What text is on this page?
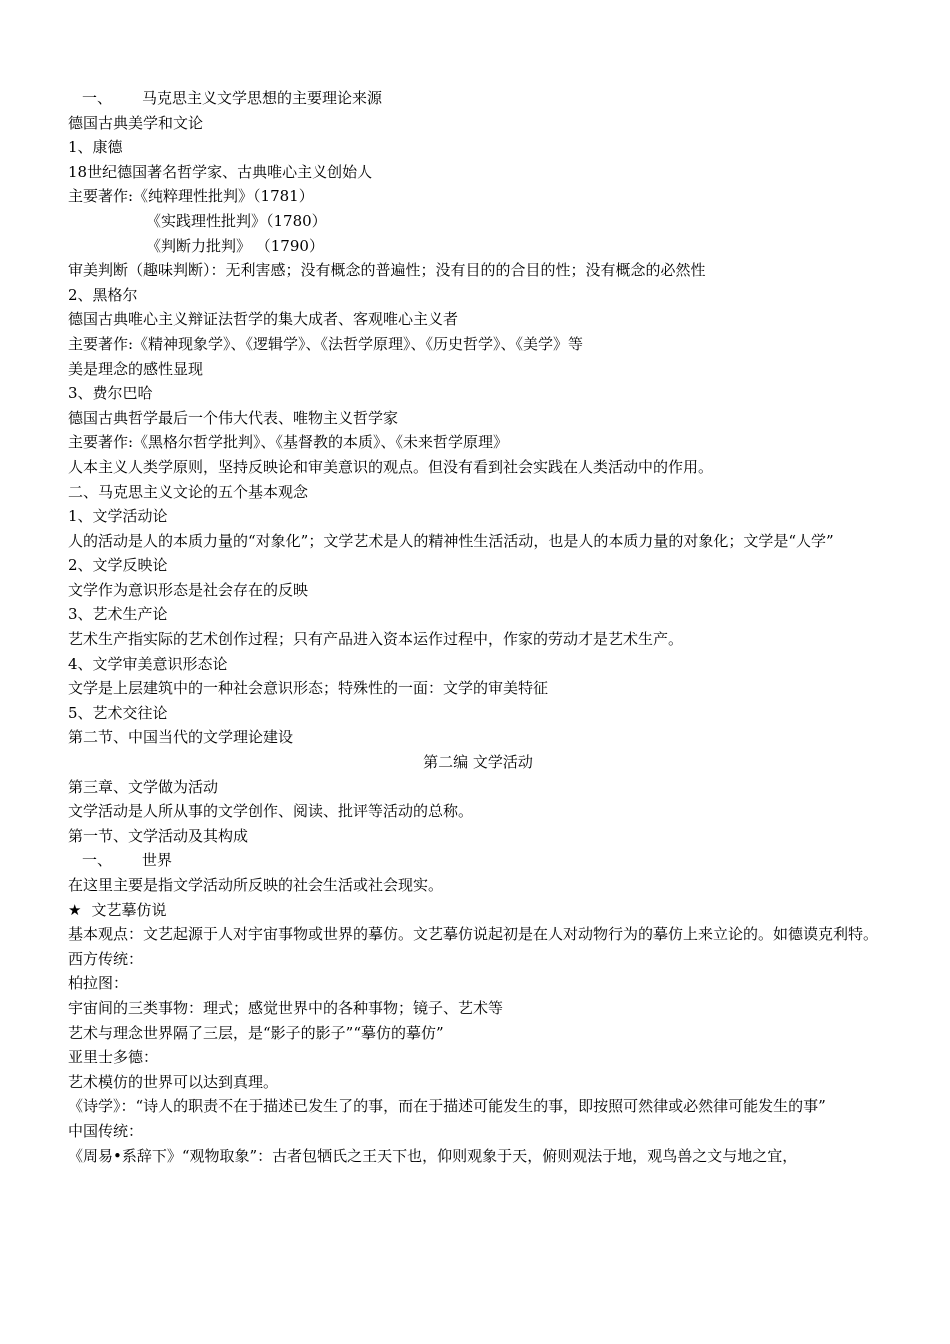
一、 马克思主义文学思想的主要理论来源
德国古典美学和文论
1、康德
18世纪德国著名哲学家、古典唯心主义创始人
主要著作:《纯粹理性批判》（1781）
《实践理性批判》（1780）
《判断力批判》 （1790）
审美判断（趣味判断）：无利害感；没有概念的普遍性；没有目的的合目的性；没有概念的必然性
2、黑格尔
德国古典唯心主义辩证法哲学的集大成者、客观唯心主义者
主要著作:《精神现象学》、《逻辑学》、《法哲学原理》、《历史哲学》、《美学》等
美是理念的感性显现
3、费尔巴哈
德国古典哲学最后一个伟大代表、唯物主义哲学家
主要著作:《黑格尔哲学批判》、《基督教的本质》、《未来哲学原理》
人本主义人类学原则，坚持反映论和审美意识的观点。但没有看到社会实践在人类活动中的作用。
二、马克思主义文论的五个基本观念
1、文学活动论
人的活动是人的本质力量的“对象化”；文学艺术是人的精神性生活活动，也是人的本质力量的对象化；文学是“人学”
2、文学反映论
文学作为意识形态是社会存在的反映
3、艺术生产论
艺术生产指实际的艺术创作过程；只有产品进入资本运作过程中，作家的劳动才是艺术生产。
4、文学审美意识形态论
文学是上层建筑中的一种社会意识形态；特殊性的一面：文学的审美特征
5、艺术交往论
第二节、中国当代的文学理论建设
第二编 文学活动
第三章、文学做为活动
文学活动是人所从事的文学创作、阅读、批评等活动的总称。
第一节、文学活动及其构成
一、 世界
在这里主要是指文学活动所反映的社会生活或社会现实。
★ 文艺摹仿说
基本观点：文艺起源于人对宇宙事物或世界的摹仿。文艺摹仿说起初是在人对动物行为的摹仿上来立论的。如德谟克利特。
西方传统：
柏拉图：
宇宙间的三类事物：理式；感觉世界中的各种事物；镜子、艺术等
艺术与理念世界隔了三层，是“影子的影子”“摹仿的摹仿”
亚里士多德：
艺术模仿的世界可以达到真理。
《诗学》：“诗人的职责不在于描述已发生了的事，而在于描述可能发生的事，即按照可然律或必然律可能发生的事”
中国传统：
《周易•系辞下》“观物取象”：古者包牺氏之王天下也，仰则观象于天，俯则观法于地，观鸟兽之文与地之宜，
